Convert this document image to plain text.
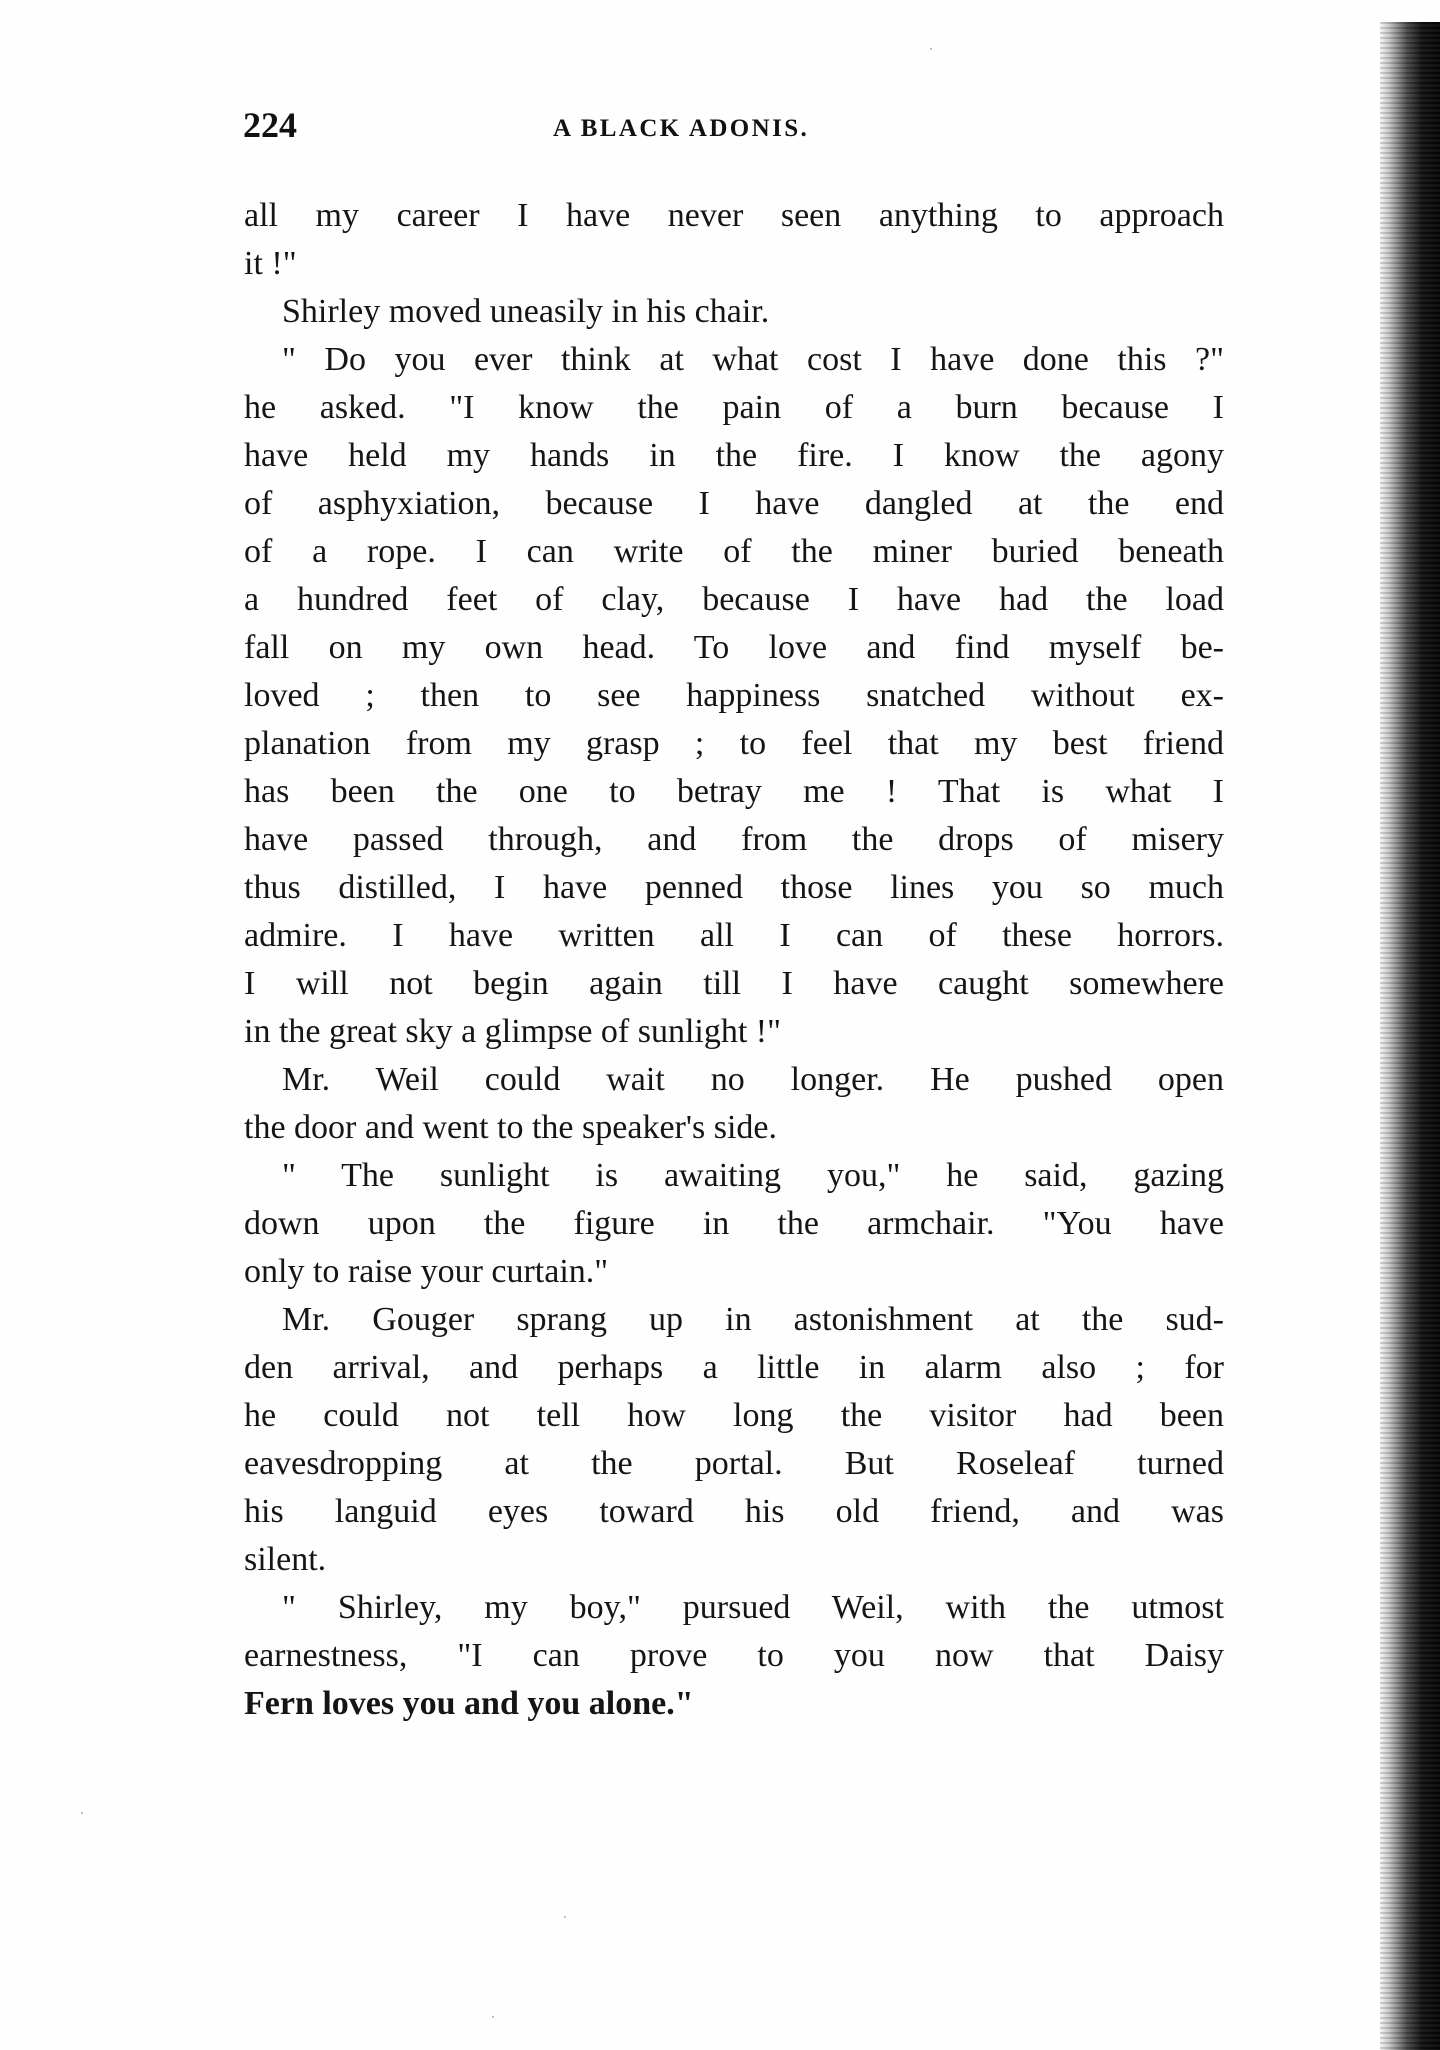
224	A BLACK ADONIS.
all my career I have never seen anything to approach
it !"
Shirley moved uneasily in his chair.
" Do you ever think at what cost I have done this ?"
he asked. "I know the pain of a burn because I
have held my hands in the fire. I know the agony
of asphyxiation, because I have dangled at the end
of a rope. I can write of the miner buried beneath
a hundred feet of clay, because I have had the load
fall on my own head. To love and find myself be-
loved ; then to see happiness snatched without ex-
planation from my grasp ; to feel that my best friend
has been the one to betray me ! That is what I
have passed through, and from the drops of misery
thus distilled, I have penned those lines you so much
admire. I have written all I can of these horrors.
I will not begin again till I have caught somewhere
in the great sky a glimpse of sunlight !"
Mr. Weil could wait no longer. He pushed open
the door and went to the speaker's side.
" The sunlight is awaiting you," he said, gazing
down upon the figure in the armchair. "You have
only to raise your curtain."
Mr. Gouger sprang up in astonishment at the sud-
den arrival, and perhaps a little in alarm also ; for
he could not tell how long the visitor had been
eavesdropping at the portal. But Roseleaf turned
his languid eyes toward his old friend, and was
silent.
" Shirley, my boy," pursued Weil, with the utmost
earnestness, "I can prove to you now that Daisy
Fern loves you and you alone."
